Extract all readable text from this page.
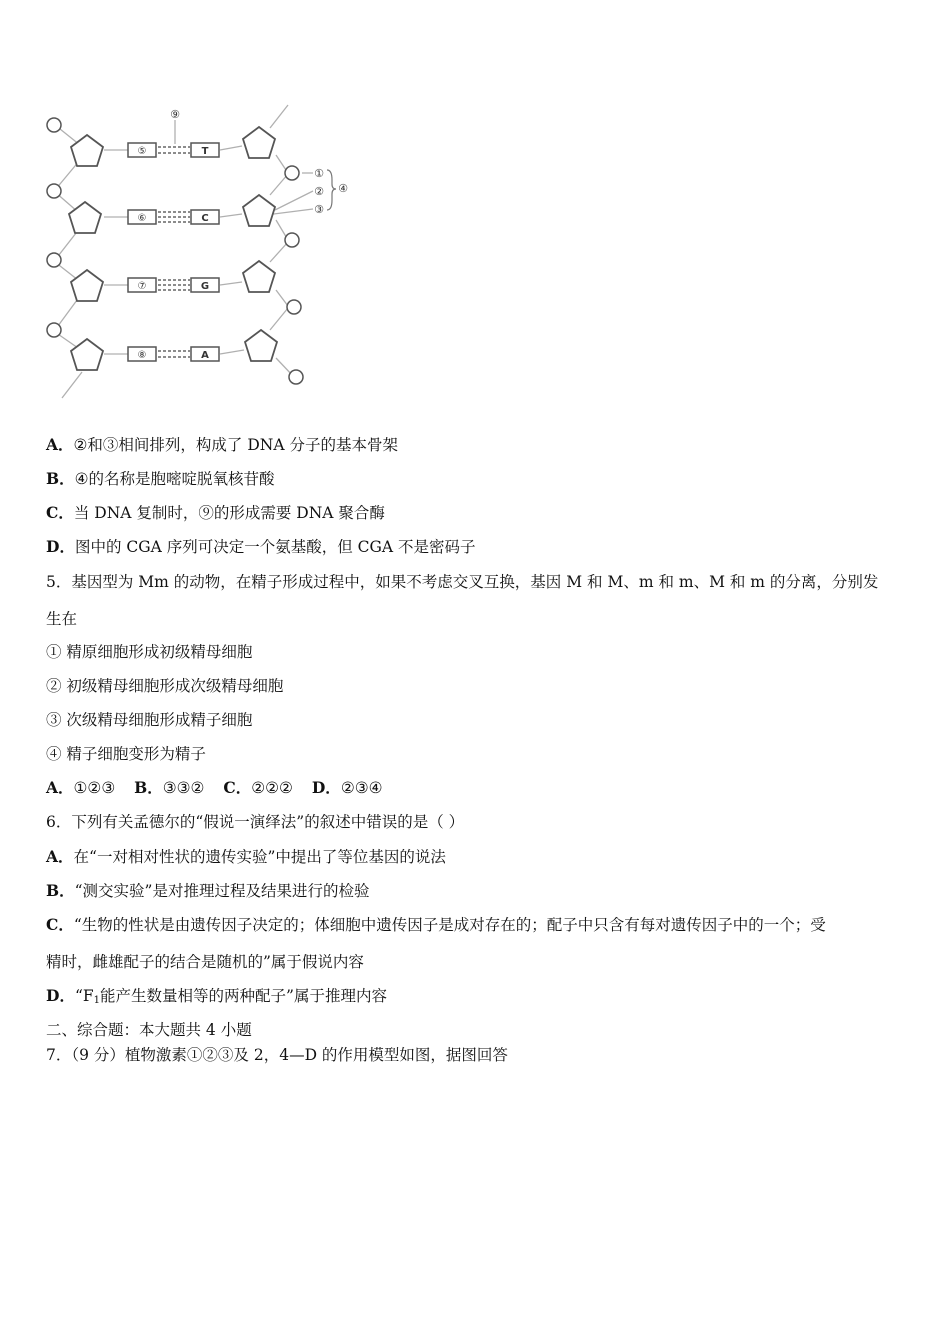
⑤
⑥
⑦
⑧
T
C
G
A
⑨
①
②
③
④
A．②和③相间排列，构成了 DNA 分子的基本骨架
B．④的名称是胞嘧啶脱氧核苷酸
C．当 DNA 复制时，⑨的形成需要 DNA 聚合酶
D．图中的 CGA 序列可决定一个氨基酸，但 CGA 不是密码子
5．基因型为 Mm 的动物，在精子形成过程中，如果不考虑交叉互换，基因 M 和 M、m 和 m、M 和 m 的分离，分别发
生在
① 精原细胞形成初级精母细胞
② 初级精母细胞形成次级精母细胞
③ 次级精母细胞形成精子细胞
④ 精子细胞变形为精子
A．①②③ B．③③② C．②②② D．②③④
6．下列有关孟德尔的“假说一演绎法”的叙述中错误的是（ ）
A．在“一对相对性状的遗传实验”中提出了等位基因的说法
B．“测交实验”是对推理过程及结果进行的检验
C．“生物的性状是由遗传因子决定的；体细胞中遗传因子是成对存在的；配子中只含有每对遗传因子中的一个；受
精时，雌雄配子的结合是随机的”属于假说内容
D．“$F_1$能产生数量相等的两种配子”属于推理内容
二、综合题：本大题共 4 小题
7．（9 分）植物激素①②③及 2，4—D 的作用模型如图，据图回答
